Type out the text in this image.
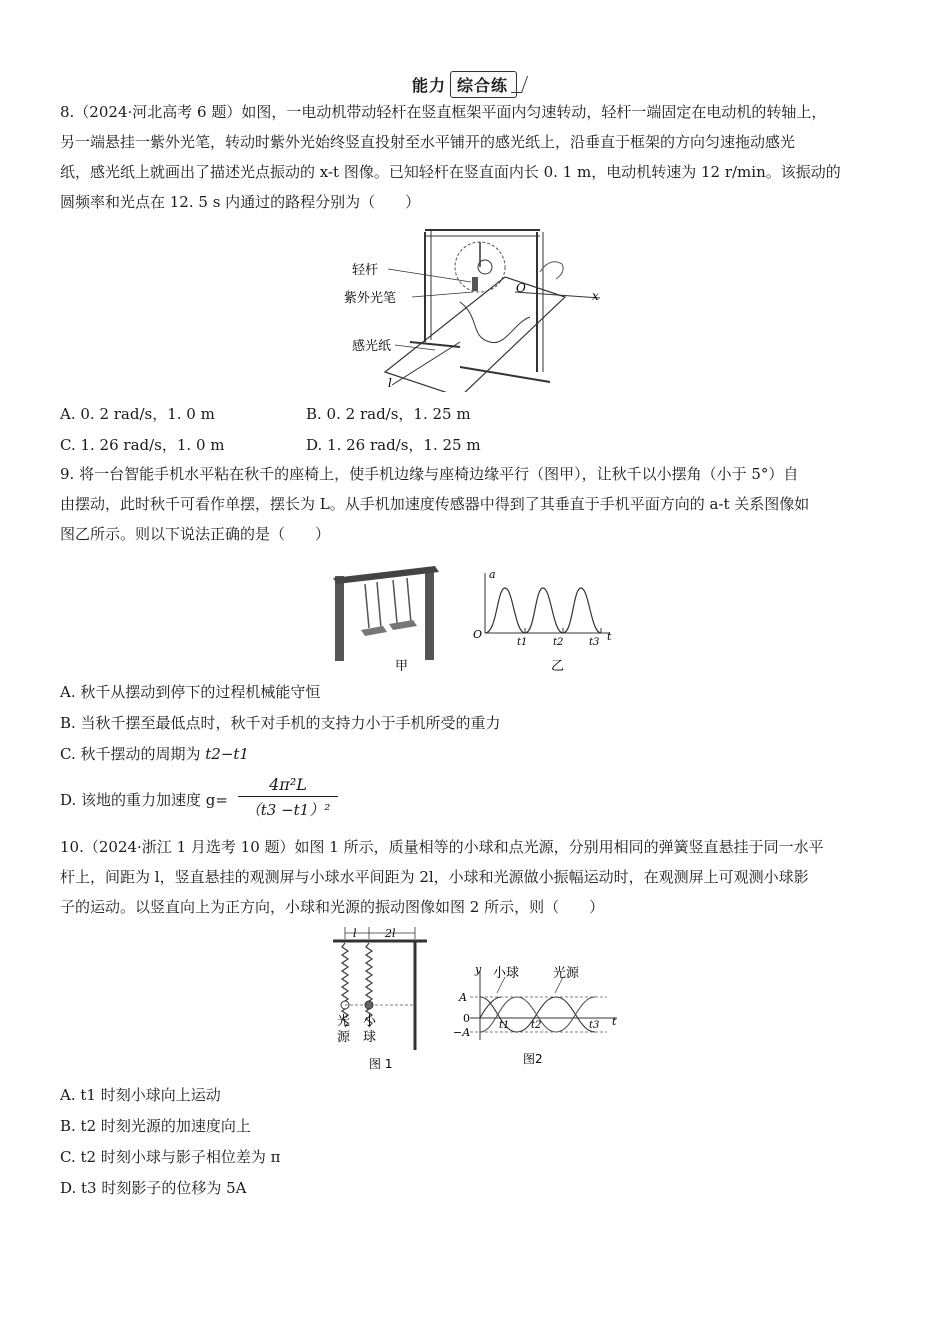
能力 综合练
8.（2024·河北高考 6 题）如图，一电动机带动轻杆在竖直框架平面内匀速转动，轻杆一端固定在电动机的转轴上，
另一端悬挂一紫外光笔，转动时紫外光始终竖直投射至水平铺开的感光纸上，沿垂直于框架的方向匀速拖动感光
纸，感光纸上就画出了描述光点振动的 x-t 图像。已知轻杆在竖直面内长 0. 1 m，电动机转速为 12 r/min。该振动的
圆频率和光点在 12. 5 s 内通过的路程分别为（　　）
轻杆
紫外光笔
感光纸
O
x
l
A. 0. 2 rad/s，1. 0 m	B. 0. 2 rad/s，1. 25 m
C. 1. 26 rad/s，1. 0 m	D. 1. 26 rad/s，1. 25 m
9. 将一台智能手机水平粘在秋千的座椅上，使手机边缘与座椅边缘平行（图甲），让秋千以小摆角（小于 5°）自
由摆动，此时秋千可看作单摆，摆长为 L。从手机加速度传感器中得到了其垂直于手机平面方向的 a-t 关系图像如
图乙所示。则以下说法正确的是（　　）
甲
a
O	t
t1	t2	t3
乙
A. 秋千从摆动到停下的过程机械能守恒
B. 当秋千摆至最低点时，秋千对手机的支持力小于手机所受的重力
C. 秋千摆动的周期为 t2−t1
D. 该地的重力加速度 g=
4π²L
（t3 −t1）²
10.（2024·浙江 1 月选考 10 题）如图 1 所示，质量相等的小球和点光源，分别用相同的弹簧竖直悬挂于同一水平
杆上，间距为 l，竖直悬挂的观测屏与小球水平间距为 2l，小球和光源做小振幅运动时，在观测屏上可观测小球影
子的运动。以竖直向上为正方向，小球和光源的振动图像如图 2 所示，则（　　）
l	2l
光
源
小
球
图 1
y 小球	光源
A
0
−A
t
t1 t2	t3
图2
A. t1 时刻小球向上运动
B. t2 时刻光源的加速度向上
C. t2 时刻小球与影子相位差为 π
D. t3 时刻影子的位移为 5A
